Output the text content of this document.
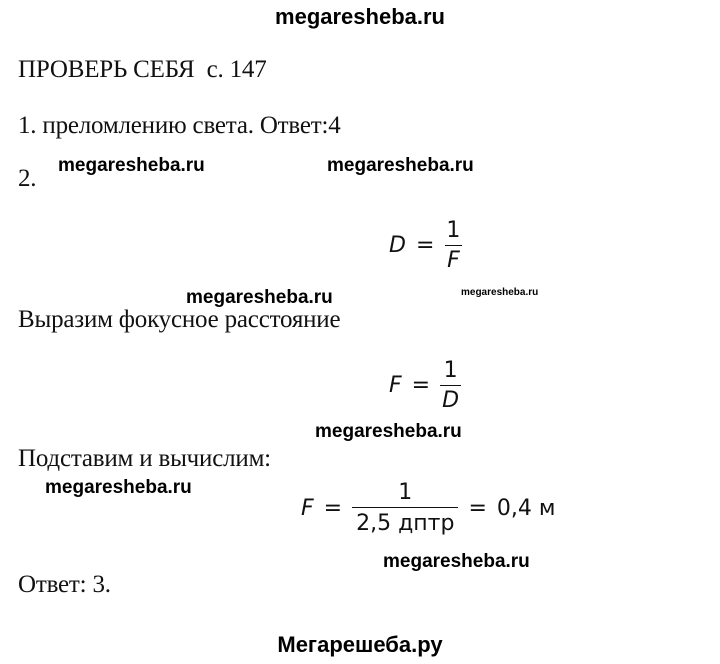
megaresheba.ru
ПРОВЕРЬ СЕБЯ  с. 147
1. преломлению света. Ответ:4
2. megaresheba.ru	megaresheba.ru
$D = \frac{1}{F}$
megaresheba.ru	megaresheba.ru
Выразим фокусное расстояние
$F = \frac{1}{D}$
megaresheba.ru
Подставим и вычислим:
megaresheba.ru
$F = \frac{1}{\text{2,5 дптр}} = 0,4$ м
megaresheba.ru
Ответ: 3.
Мегарешеба.ру
